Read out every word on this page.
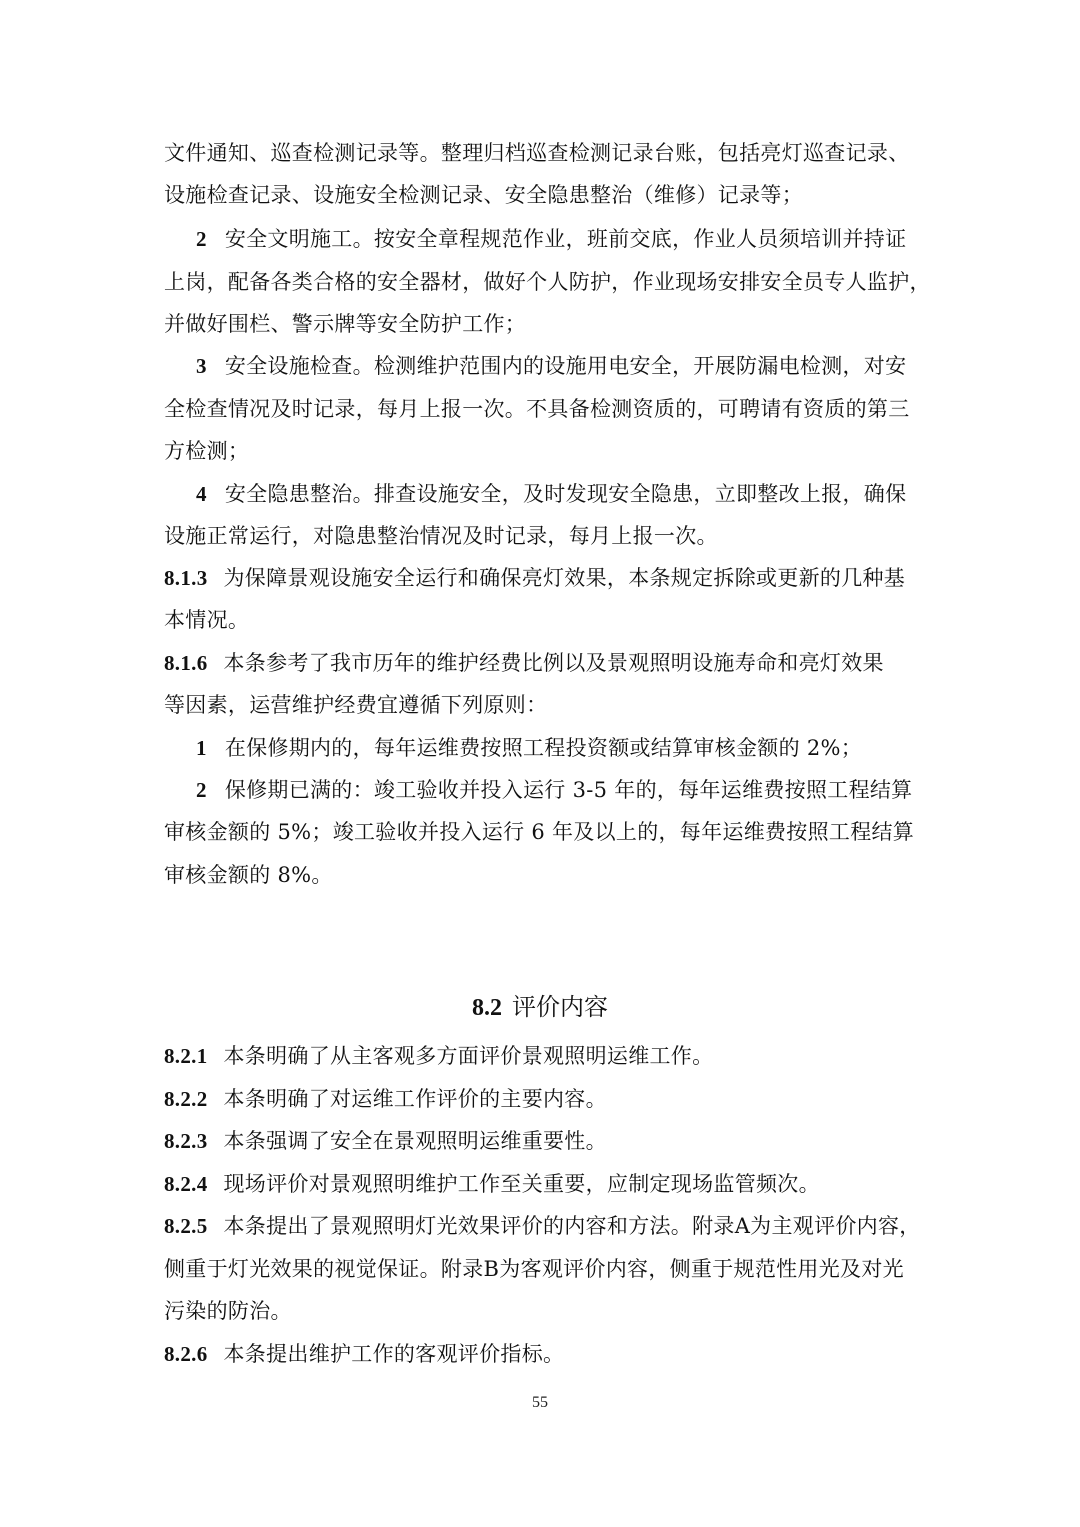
文件通知、巡查检测记录等。整理归档巡查检测记录台账，包括亮灯巡查记录、
设施检查记录、设施安全检测记录、安全隐患整治（维修）记录等；
2 安全文明施工。按安全章程规范作业，班前交底，作业人员须培训并持证
上岗，配备各类合格的安全器材，做好个人防护，作业现场安排安全员专人监护，
并做好围栏、警示牌等安全防护工作；
3 安全设施检查。检测维护范围内的设施用电安全，开展防漏电检测，对安
全检查情况及时记录，每月上报一次。不具备检测资质的，可聘请有资质的第三
方检测；
4 安全隐患整治。排查设施安全，及时发现安全隐患，立即整改上报，确保
设施正常运行，对隐患整治情况及时记录，每月上报一次。
8.1.3 为保障景观设施安全运行和确保亮灯效果，本条规定拆除或更新的几种基
本情况。
8.1.6 本条参考了我市历年的维护经费比例以及景观照明设施寿命和亮灯效果
等因素，运营维护经费宜遵循下列原则：
1 在保修期内的，每年运维费按照工程投资额或结算审核金额的 2%；
2 保修期已满的：竣工验收并投入运行 3-5 年的，每年运维费按照工程结算
审核金额的 5%；竣工验收并投入运行 6 年及以上的，每年运维费按照工程结算
审核金额的 8%。
8.2 评价内容
8.2.1 本条明确了从主客观多方面评价景观照明运维工作。
8.2.2 本条明确了对运维工作评价的主要内容。
8.2.3 本条强调了安全在景观照明运维重要性。
8.2.4 现场评价对景观照明维护工作至关重要，应制定现场监管频次。
8.2.5 本条提出了景观照明灯光效果评价的内容和方法。附录A为主观评价内容，
侧重于灯光效果的视觉保证。附录B为客观评价内容，侧重于规范性用光及对光
污染的防治。
8.2.6 本条提出维护工作的客观评价指标。
55
